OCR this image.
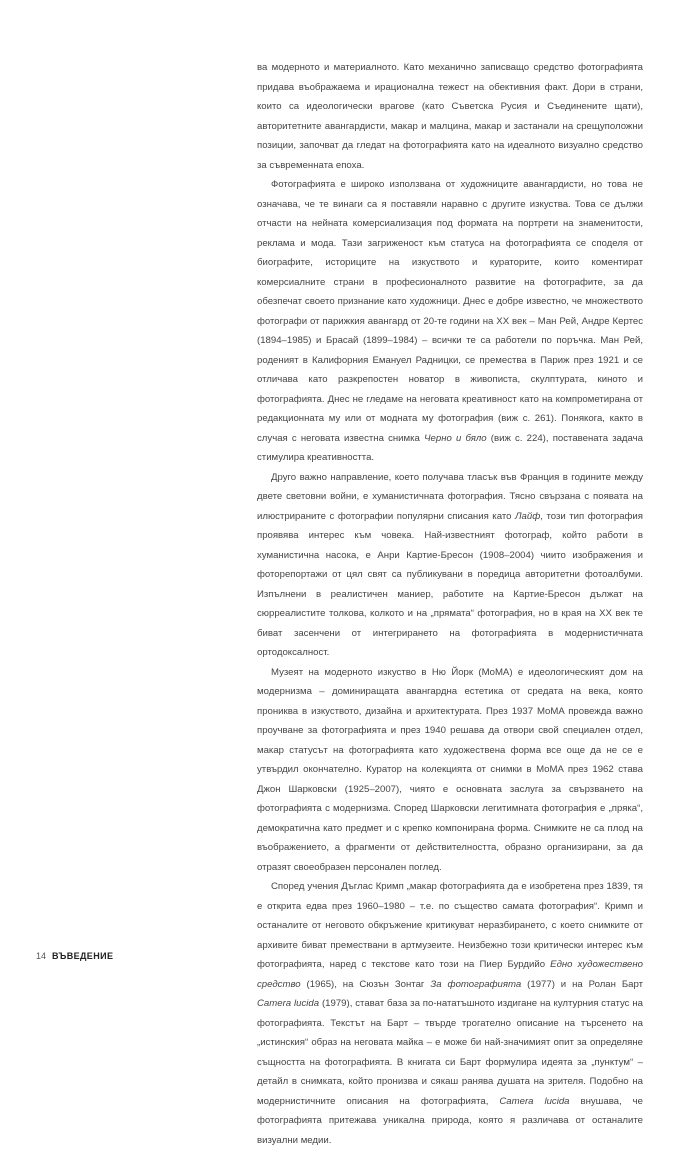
ва модерното и материалното. Като механично записващо средство фотографията придава въображаема и ирационална тежест на обективния факт. Дори в страни, които са идеологически врагове (като Съветска Русия и Съединените щати), авторитетните авангардисти, макар и малцина, макар и застанали на срещуположни позиции, започват да гледат на фотографията като на идеалното визуално средство за съвременната епоха.

Фотографията е широко използвана от художниците авангардисти, но това не означава, че те винаги са я поставяли наравно с другите изкуства. Това се дължи отчасти на нейната комерсиализация под формата на портрети на знаменитости, реклама и мода. Тази загриженост към статуса на фотографията се споделя от биографите, историците на изкуството и кураторите, които коментират комерсиалните страни в професионалното развитие на фотографите, за да обезпечат своето признание като художници. Днес е добре известно, че множеството фотографи от парижкия авангард от 20-те години на XX век – Ман Рей, Андре Кертес (1894–1985) и Брасай (1899–1984) – всички те са работели по поръчка. Ман Рей, роденият в Калифорния Емануел Радницки, се премества в Париж през 1921 и се отличава като разкрепостен новатор в живописта, скулптурата, киното и фотографията. Днес не гледаме на неговата креативност като на компрометирана от редакционната му или от модната му фотография (виж с. 261). Понякога, както в случая с неговата известна снимка Черно и бяло (виж с. 224), поставената задача стимулира креативността.

Друго важно направление, което получава тласък във Франция в годините между двете световни войни, е хуманистичната фотография. Тясно свързана с появата на илюстрираните с фотографии популярни списания като Лайф, този тип фотография проявява интерес към човека. Най-известният фотограф, който работи в хуманистична насока, е Анри Картие-Бресон (1908–2004) чиито изображения и фоторепортажи от цял свят са публикувани в поредица авторитетни фотоалбуми. Изпълнени в реалистичен маниер, работите на Картие-Бресон дължат на сюрреалистите толкова, колкото и на „прямата“ фотография, но в края на XX век те биват засенчени от интегрирането на фотографията в модернистичната ортодоксалност.

Музеят на модерното изкуство в Ню Йорк (MoMA) е идеологическият дом на модернизма – доминиращата авангардна естетика от средата на века, която прониква в изкуството, дизайна и архитектурата. През 1937 MoMA провежда важно проучване за фотографията и през 1940 решава да отвори свой специален отдел, макар статусът на фотографията като художествена форма все още да не се е утвърдил окончателно. Куратор на колекцията от снимки в MoMA през 1962 става Джон Шарковски (1925–2007), чиято е основната заслуга за свързването на фотографията с модернизма. Според Шарковски легитимната фотография е „пряка“, демократична като предмет и с крепко компонирана форма. Снимките не са плод на въображението, а фрагменти от действителността, образно организирани, за да отразят своеобразен персонален поглед.

Според учения Дъглас Кримп „макар фотографията да е изобретена през 1839, тя е открита едва през 1960–1980 – т.е. по същество самата фотография“. Кримп и останалите от неговото обкръжение критикуват неразбирането, с което снимките от архивите биват премествани в артмузеите. Неизбежно този критически интерес към фотографията, наред с текстове като този на Пиер Бурдийо Едно художествено средство (1965), на Сюзън Зонтаг За фотографията (1977) и на Ролан Барт Camera lucida (1979), стават база за по-нататъшното издигане на културния статус на фотографията. Текстът на Барт – твърде трогателно описание на търсенето на „истинския“ образ на неговата майка – е може би най-значимият опит за определяне същността на фотографията. В книгата си Барт формулира идеята за „пунктум“ – детайл в снимката, който пронизва и сякаш ранява душата на зрителя. Подобно на модернистичните описания на фотографията, Camera lucida внушава, че фотографията притежава уникална природа, която я различава от останалите визуални медии.

14 ВЪВЕДЕНИЕ
